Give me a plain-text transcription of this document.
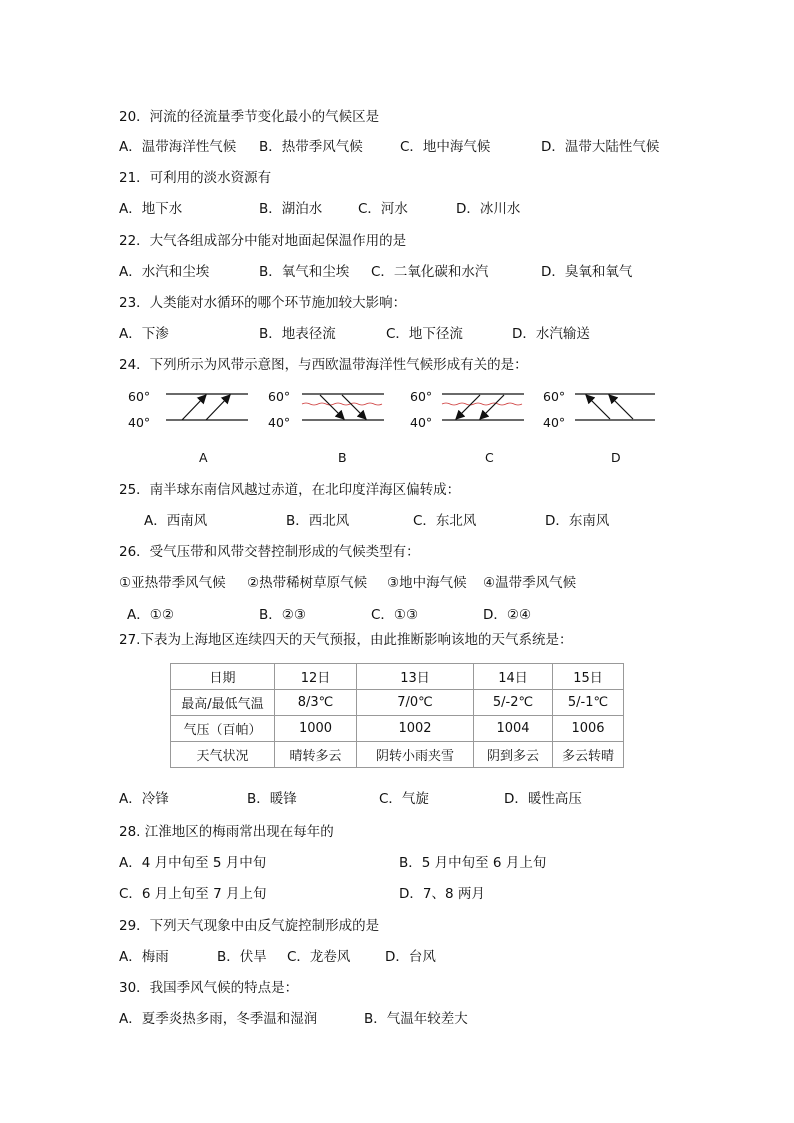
20．河流的径流量季节变化最小的气候区是
A．温带海洋性气候 B．热带季风气候	C．地中海气候	D．温带大陆性气候
21．可利用的淡水资源有
A．地下水	B．湖泊水	C．河水	D．冰川水
22．大气各组成部分中能对地面起保温作用的是
A．水汽和尘埃	B．氧气和尘埃 C．二氧化碳和水汽	D．臭氧和氧气
23．人类能对水循环的哪个环节施加较大影响：
A．下渗	B．地表径流	C．地下径流	D．水汽输送
24．下列所示为风带示意图，与西欧温带海洋性气候形成有关的是：
60°
40°
60°
40°
60°
40°
60°
40°
A	B	C	D
25．南半球东南信风越过赤道，在北印度洋海区偏转成：
A．西南风	B．西北风	C．东北风	D．东南风
26．受气压带和风带交替控制形成的气候类型有：
①亚热带季风气候 ②热带稀树草原气候 ③地中海气候 ④温带季风气候
A．①②	B．②③	C．①③	D．②④
27.下表为上海地区连续四天的天气预报，由此推断影响该地的天气系统是：
日期	12日	13日	14日	15日
最高/最低气温	8/3℃	7/0℃	5/-2℃	5/-1℃
气压（百帕）	1000	1002	1004	1006
天气状况	晴转多云	阴转小雨夹雪	阴到多云	多云转晴
A．冷锋	B．暖锋	C．气旋	D．暖性高压
28. 江淮地区的梅雨常出现在每年的
A．4 月中旬至 5 月中旬	B．5 月中旬至 6 月上旬
C．6 月上旬至 7 月上旬	D．7、8 两月
29．下列天气现象中由反气旋控制形成的是
A．梅雨	B．伏旱 C．龙卷风	D．台风
30．我国季风气候的特点是：
A．夏季炎热多雨，冬季温和湿润	B．气温年较差大
